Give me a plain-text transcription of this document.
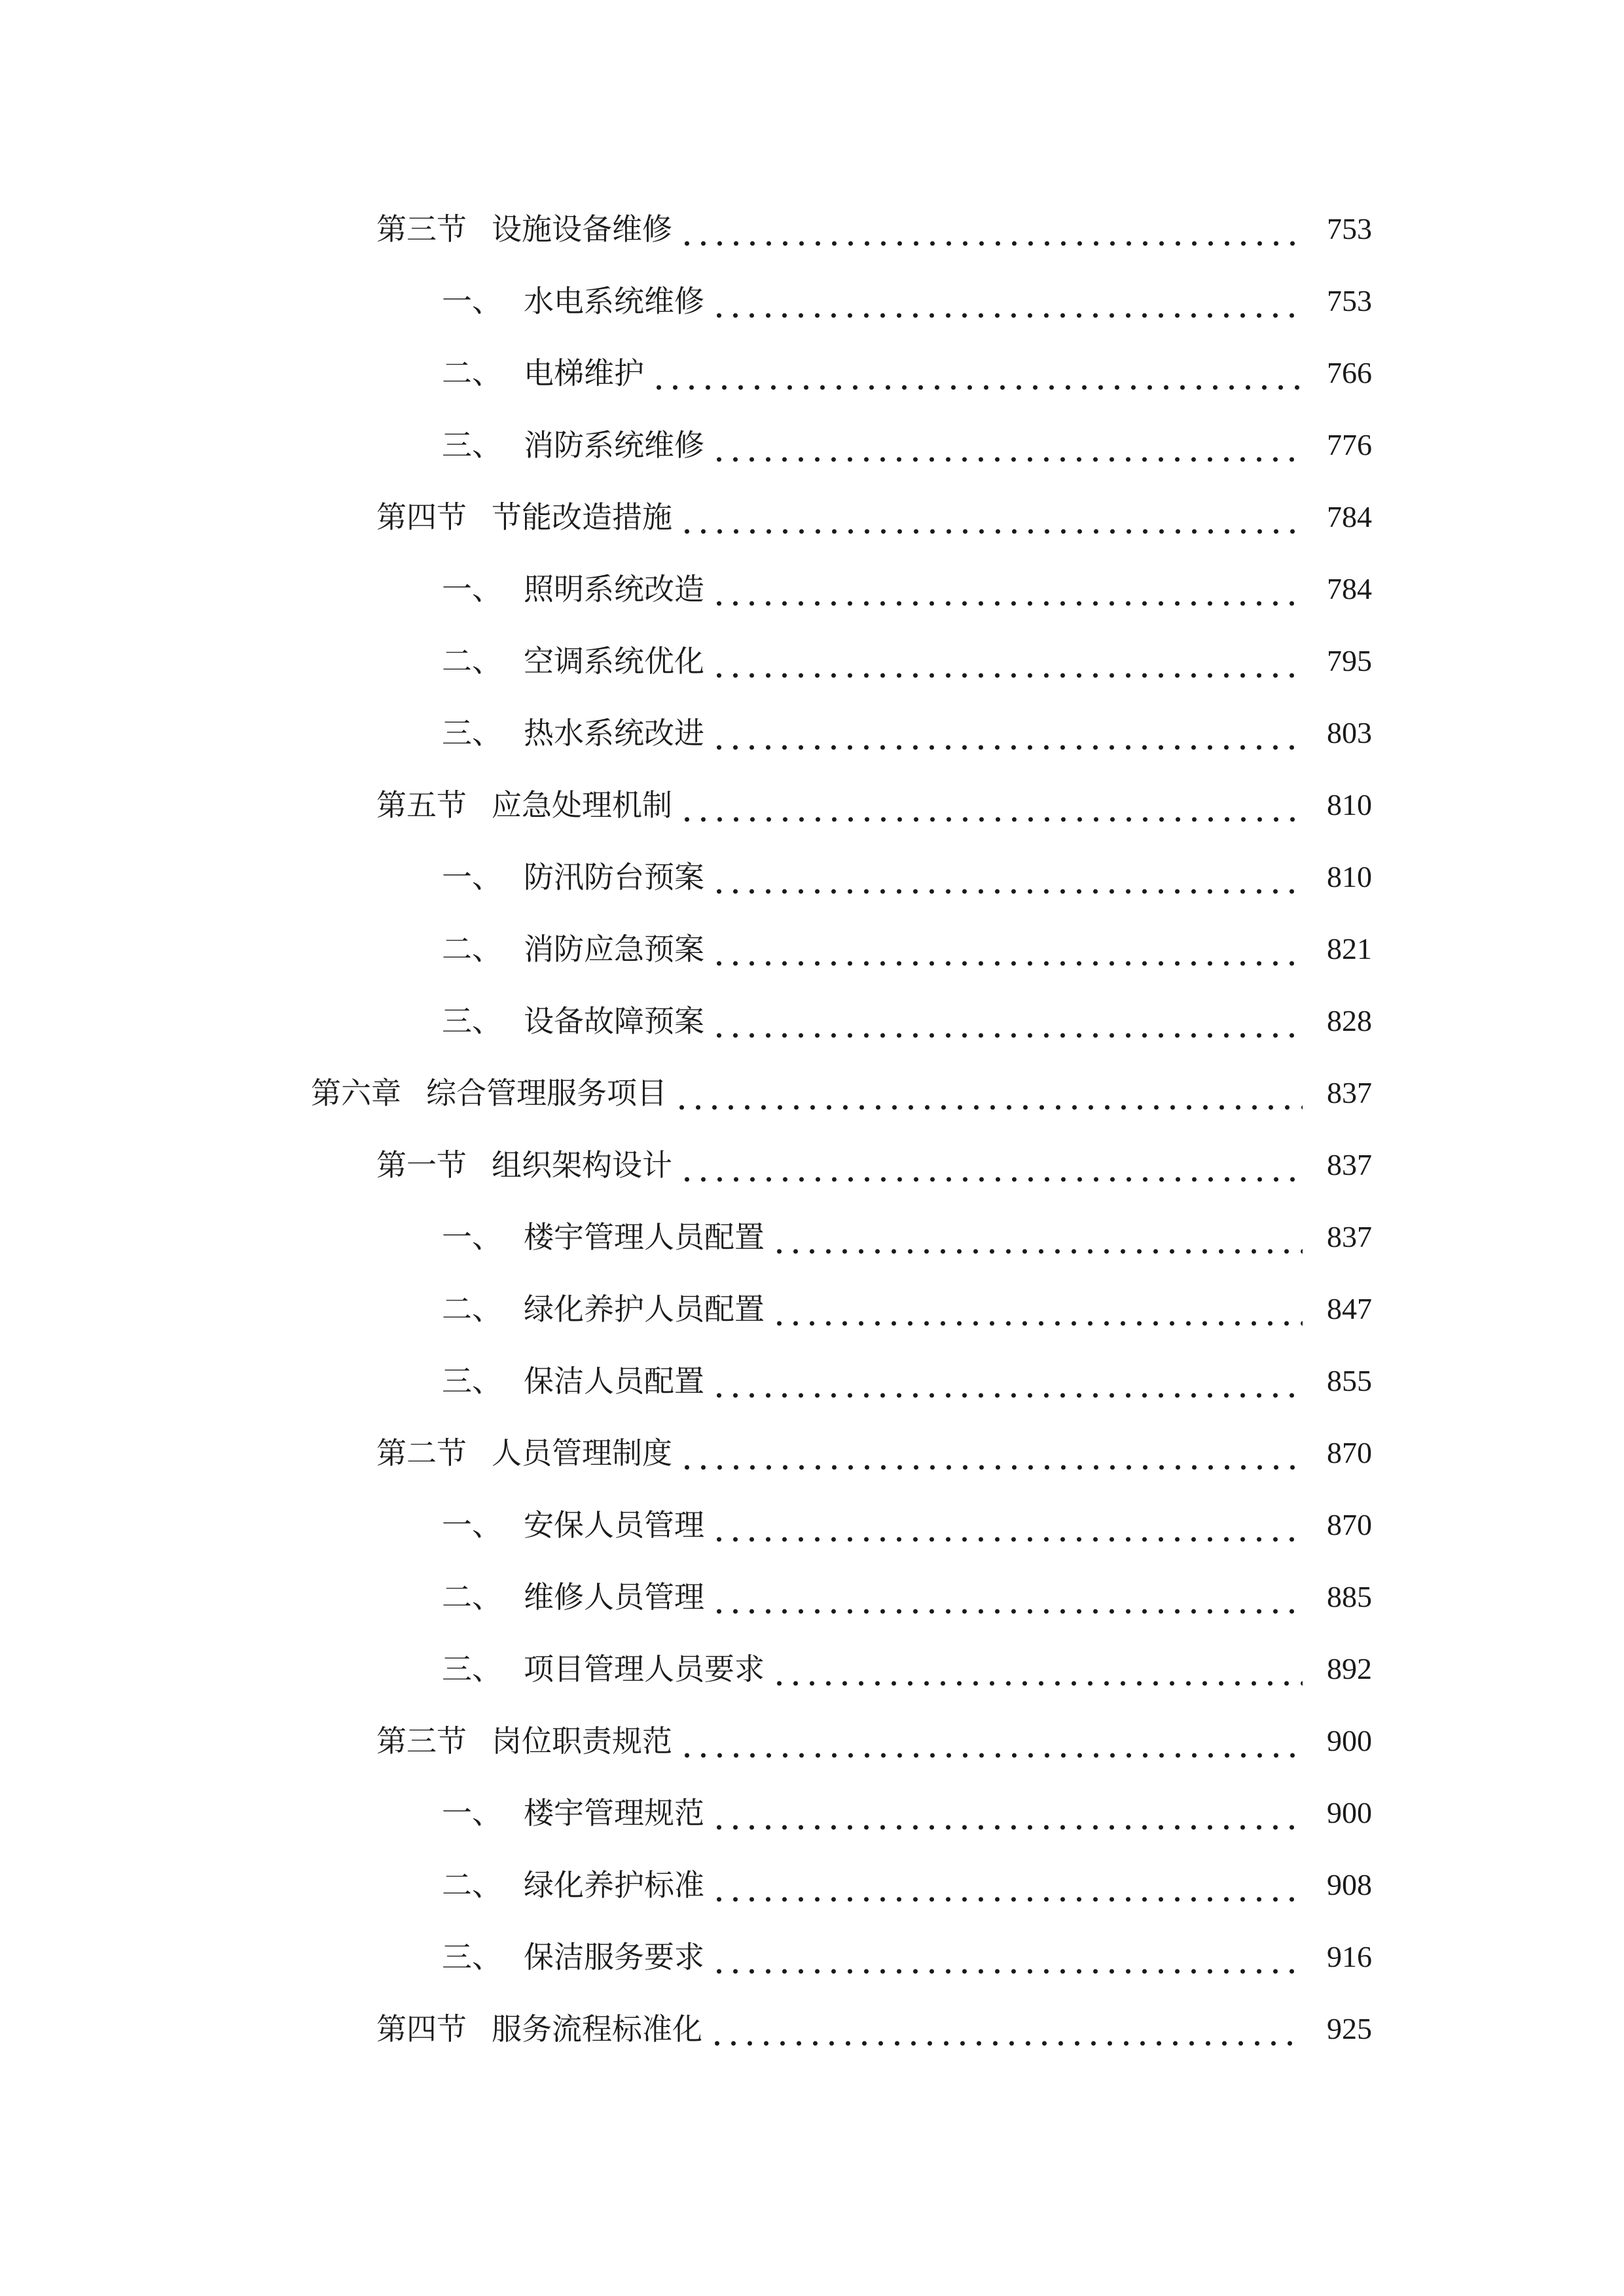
第三节 设施设备维修	753
一、 水电系统维修	753
二、 电梯维护	766
三、 消防系统维修	776
第四节 节能改造措施	784
一、 照明系统改造	784
二、 空调系统优化	795
三、 热水系统改进	803
第五节 应急处理机制	810
一、 防汛防台预案	810
二、 消防应急预案	821
三、 设备故障预案	828
第六章 综合管理服务项目	837
第一节 组织架构设计	837
一、 楼宇管理人员配置	837
二、 绿化养护人员配置	847
三、 保洁人员配置	855
第二节 人员管理制度	870
一、 安保人员管理	870
二、 维修人员管理	885
三、 项目管理人员要求	892
第三节 岗位职责规范	900
一、 楼宇管理规范	900
二、 绿化养护标准	908
三、 保洁服务要求	916
第四节 服务流程标准化	925
